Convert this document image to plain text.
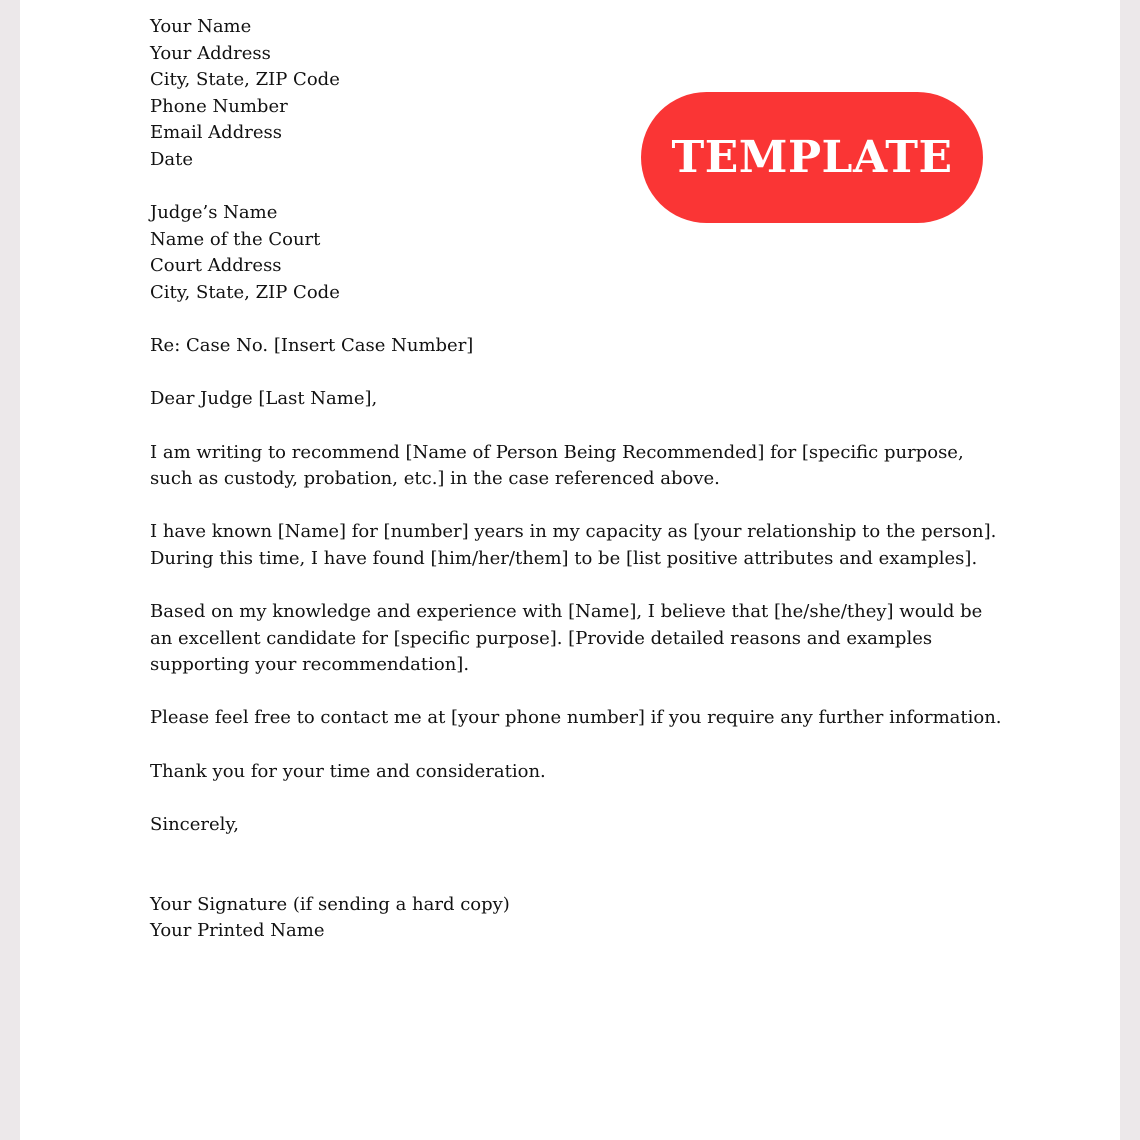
Your Name
Your Address
City, State, ZIP Code
Phone Number
Email Address
Date
Judge’s Name
Name of the Court
Court Address
City, State, ZIP Code
Re: Case No. [Insert Case Number]
Dear Judge [Last Name],
I am writing to recommend [Name of Person Being Recommended] for [specific purpose, such as custody, probation, etc.] in the case referenced above.
I have known [Name] for [number] years in my capacity as [your relationship to the person]. During this time, I have found [him/her/them] to be [list positive attributes and examples].
Based on my knowledge and experience with [Name], I believe that [he/she/they] would be an excellent candidate for [specific purpose]. [Provide detailed reasons and examples supporting your recommendation].
Please feel free to contact me at [your phone number] if you require any further information.
Thank you for your time and consideration.
Sincerely,
Your Signature (if sending a hard copy)
Your Printed Name
TEMPLATE
